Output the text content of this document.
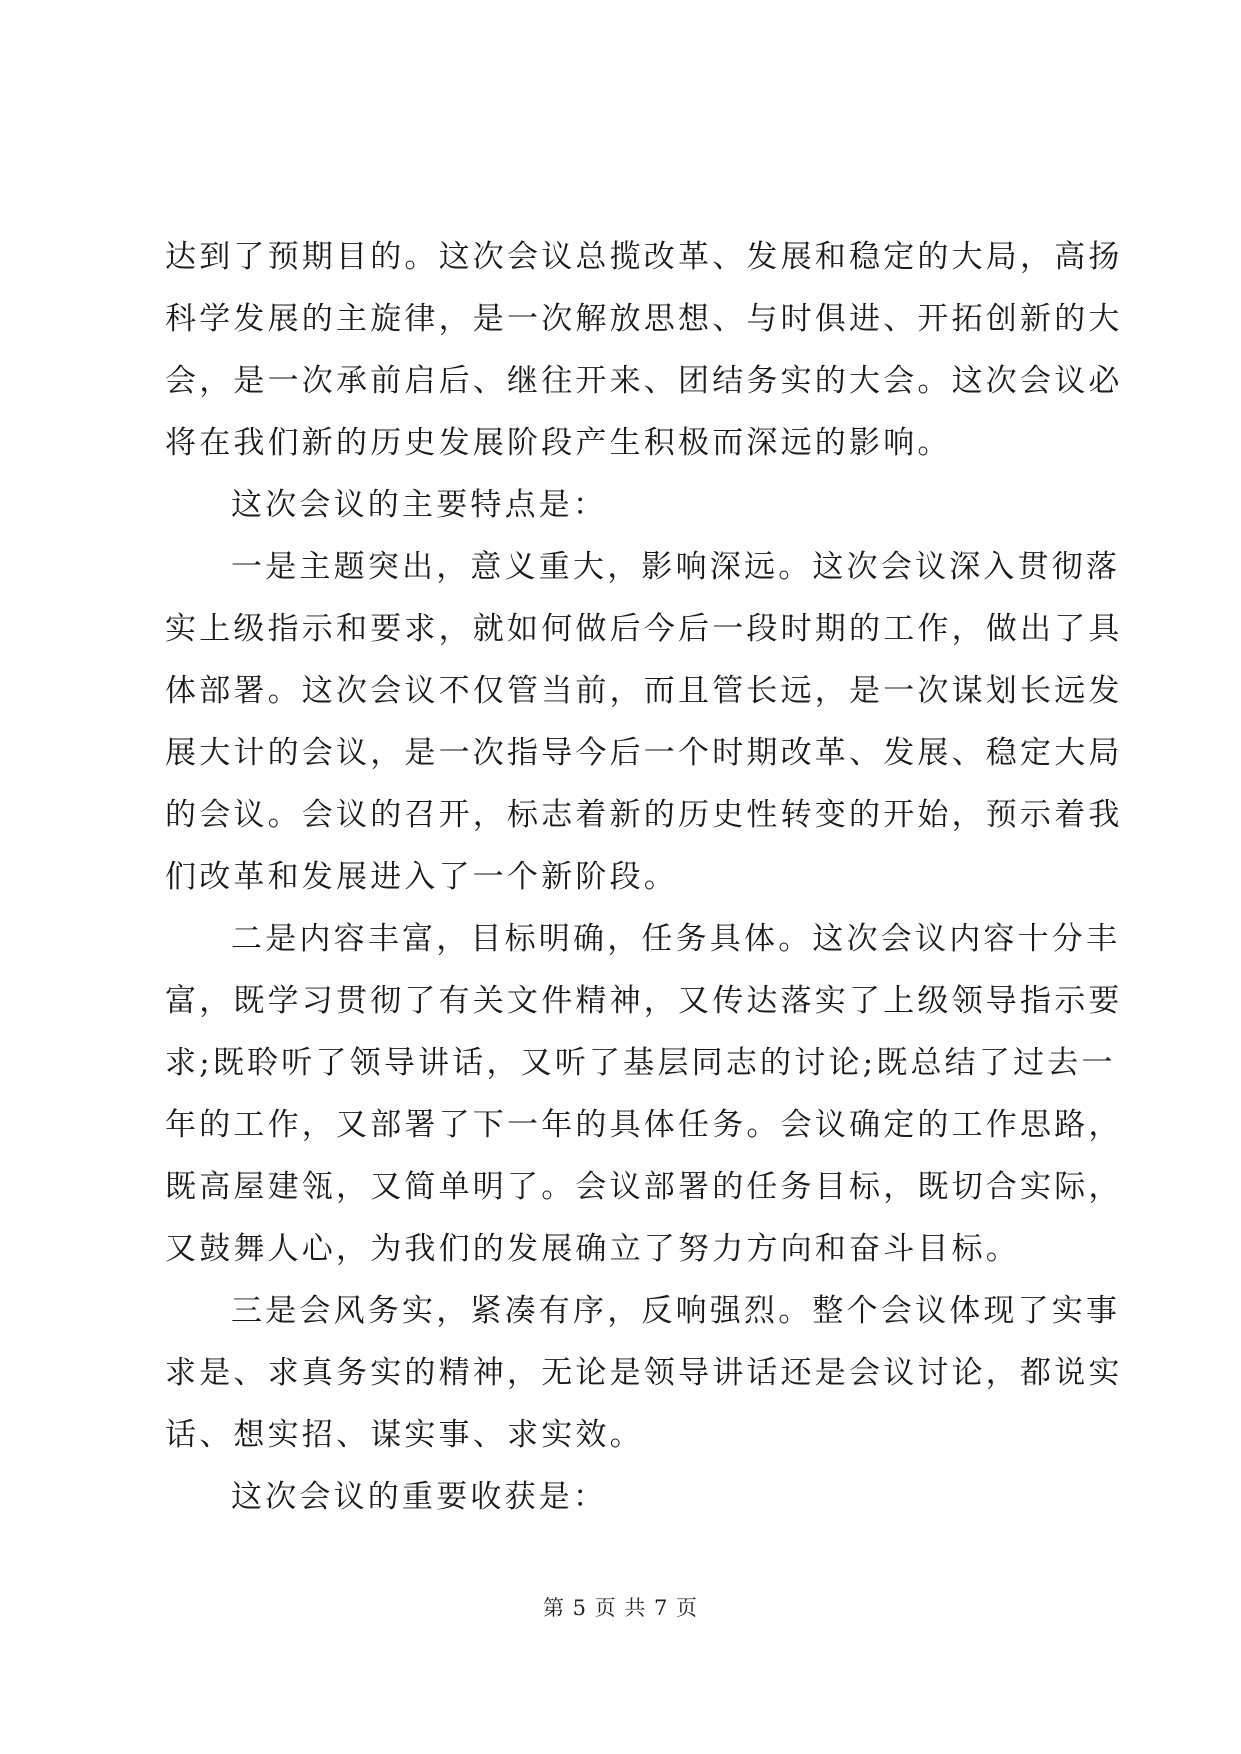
达到了预期目的。这次会议总揽改革、发展和稳定的大局，高扬
科学发展的主旋律，是一次解放思想、与时俱进、开拓创新的大
会，是一次承前启后、继往开来、团结务实的大会。这次会议必
将在我们新的历史发展阶段产生积极而深远的影响。
这次会议的主要特点是：
一是主题突出，意义重大，影响深远。这次会议深入贯彻落
实上级指示和要求，就如何做后今后一段时期的工作，做出了具
体部署。这次会议不仅管当前，而且管长远，是一次谋划长远发
展大计的会议，是一次指导今后一个时期改革、发展、稳定大局
的会议。会议的召开，标志着新的历史性转变的开始，预示着我
们改革和发展进入了一个新阶段。
二是内容丰富，目标明确，任务具体。这次会议内容十分丰
富，既学习贯彻了有关文件精神，又传达落实了上级领导指示要
求;既聆听了领导讲话，又听了基层同志的讨论;既总结了过去一
年的工作，又部署了下一年的具体任务。会议确定的工作思路，
既高屋建瓴，又简单明了。会议部署的任务目标，既切合实际，
又鼓舞人心，为我们的发展确立了努力方向和奋斗目标。
三是会风务实，紧凑有序，反响强烈。整个会议体现了实事
求是、求真务实的精神，无论是领导讲话还是会议讨论，都说实
话、想实招、谋实事、求实效。
这次会议的重要收获是：
第 5 页 共 7 页
